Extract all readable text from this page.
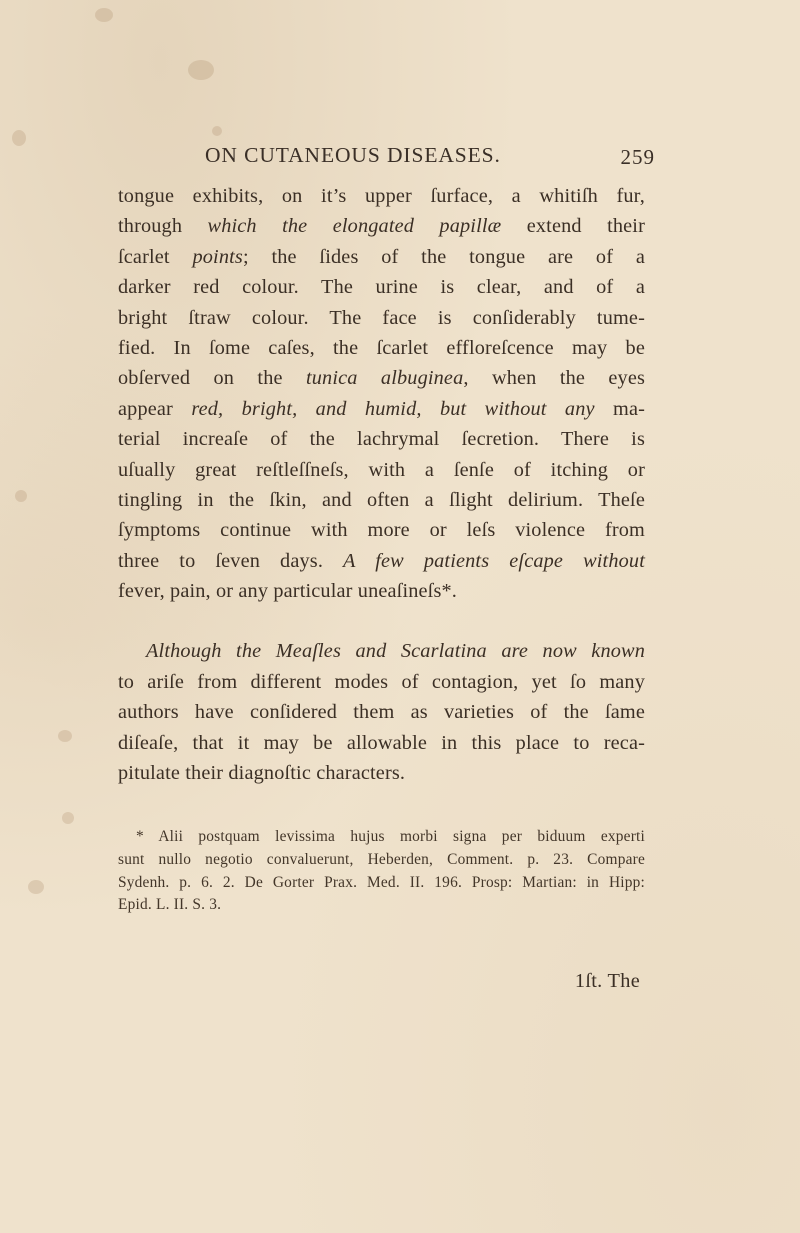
ON CUTANEOUS DISEASES.	259
tongue exhibits, on it’s upper ſurface, a whitiſh fur,
through which the elongated papillæ extend their
ſcarlet points; the ſides of the tongue are of a
darker red colour. The urine is clear, and of a
bright ſtraw colour. The face is conſiderably tume-
fied. In ſome caſes, the ſcarlet effloreſcence may be
obſerved on the tunica albuginea, when the eyes
appear red, bright, and humid, but without any ma-
terial increaſe of the lachrymal ſecretion. There is
uſually great reſtleſſneſs, with a ſenſe of itching or
tingling in the ſkin, and often a ſlight delirium. Theſe
ſymptoms continue with more or leſs violence from
three to ſeven days. A few patients eſcape without
fever, pain, or any particular uneaſineſs*.
Although the Meaſles and Scarlatina are now known
to ariſe from different modes of contagion, yet ſo many
authors have conſidered them as varieties of the ſame
diſeaſe, that it may be allowable in this place to reca-
pitulate their diagnoſtic characters.
* Alii postquam levissima hujus morbi signa per biduum experti
sunt nullo negotio convaluerunt, Heberden, Comment. p. 23. Compare
Sydenh. p. 6. 2. De Gorter Prax. Med. II. 196. Prosp: Martian: in Hipp:
Epid. L. II. S. 3.
1ſt. The
